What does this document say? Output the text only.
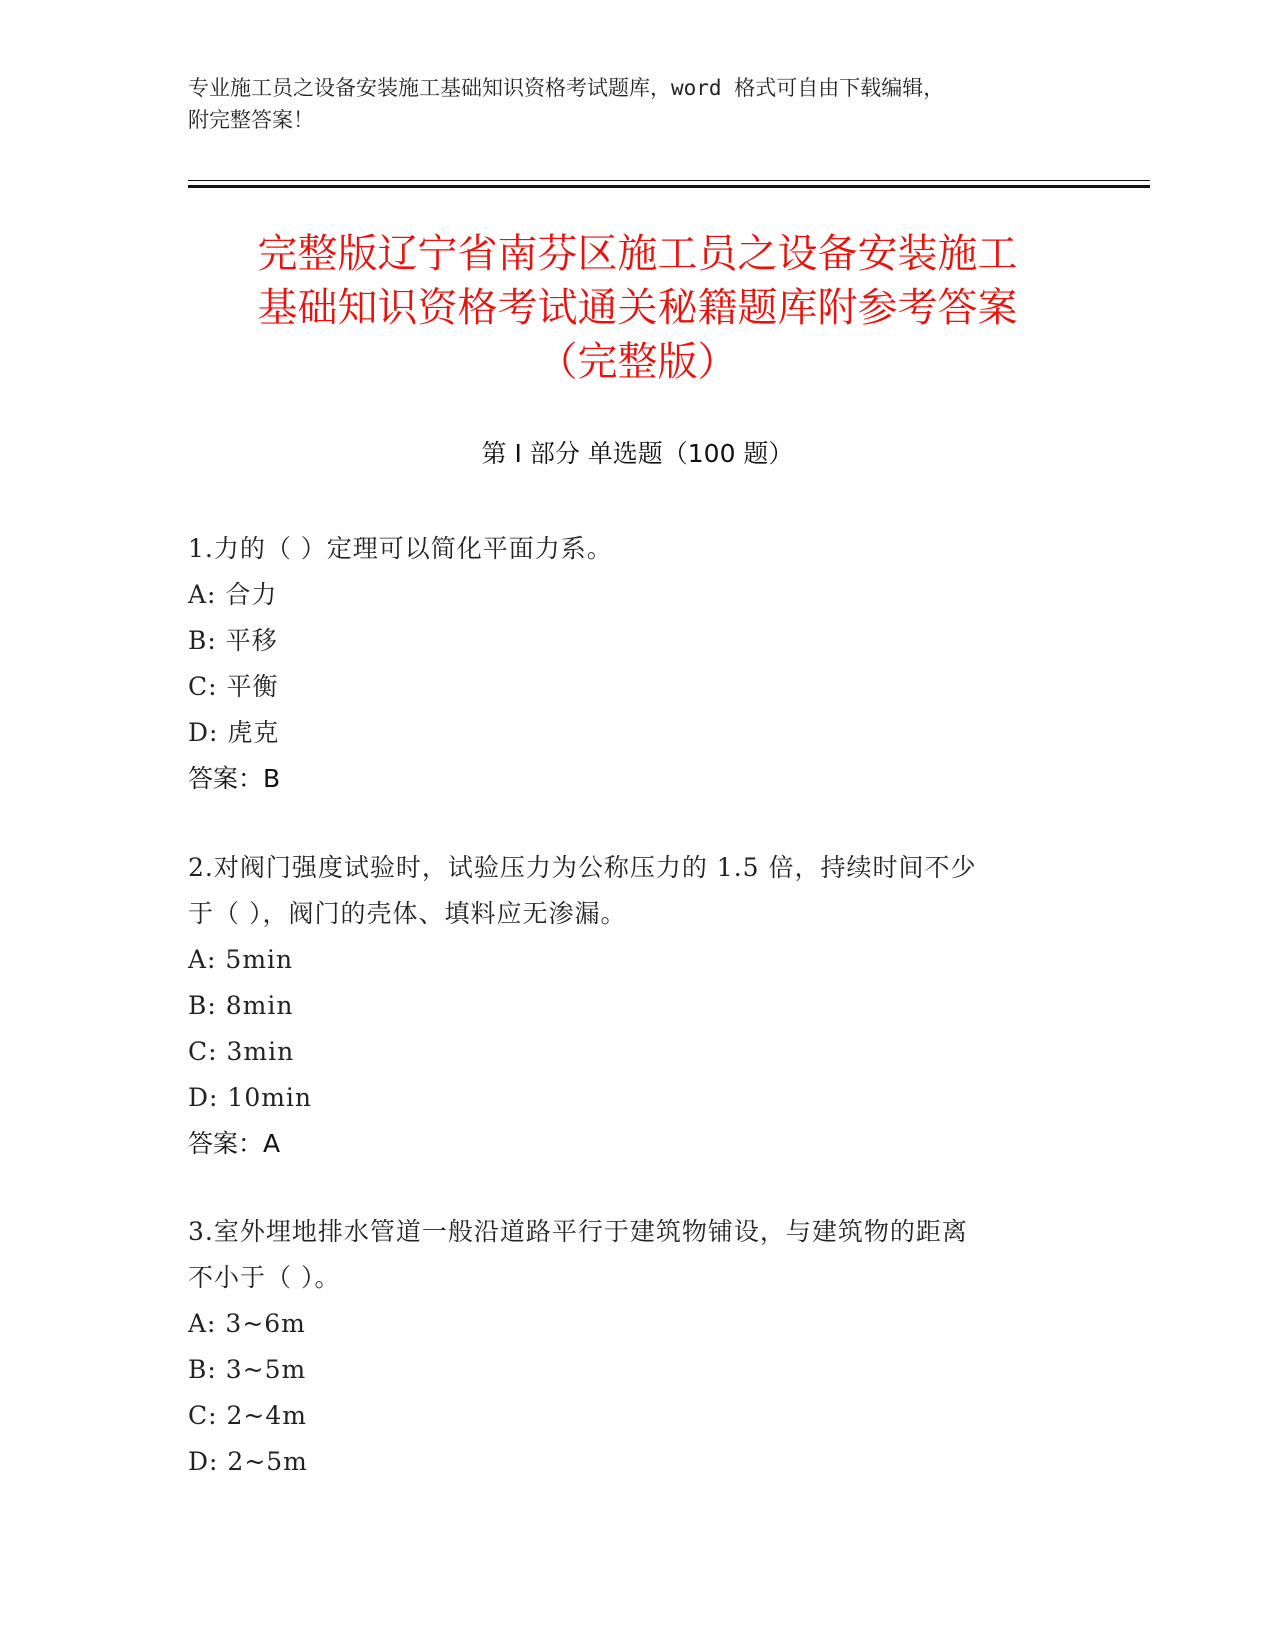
专业施工员之设备安装施工基础知识资格考试题库，word 格式可自由下载编辑，
附完整答案！
完整版辽宁省南芬区施工员之设备安装施工
基础知识资格考试通关秘籍题库附参考答案
（完整版）
第 I 部分 单选题（100 题）
1.力的（ ）定理可以简化平面力系。
A: 合力
B: 平移
C: 平衡
D: 虎克
答案：B
2.对阀门强度试验时，试验压力为公称压力的 1.5 倍，持续时间不少
于（ ），阀门的壳体、填料应无渗漏。
A: 5min
B: 8min
C: 3min
D: 10min
答案：A
3.室外埋地排水管道一般沿道路平行于建筑物铺设，与建筑物的距离
不小于（ ）。
A: 3~6m
B: 3~5m
C: 2~4m
D: 2~5m
